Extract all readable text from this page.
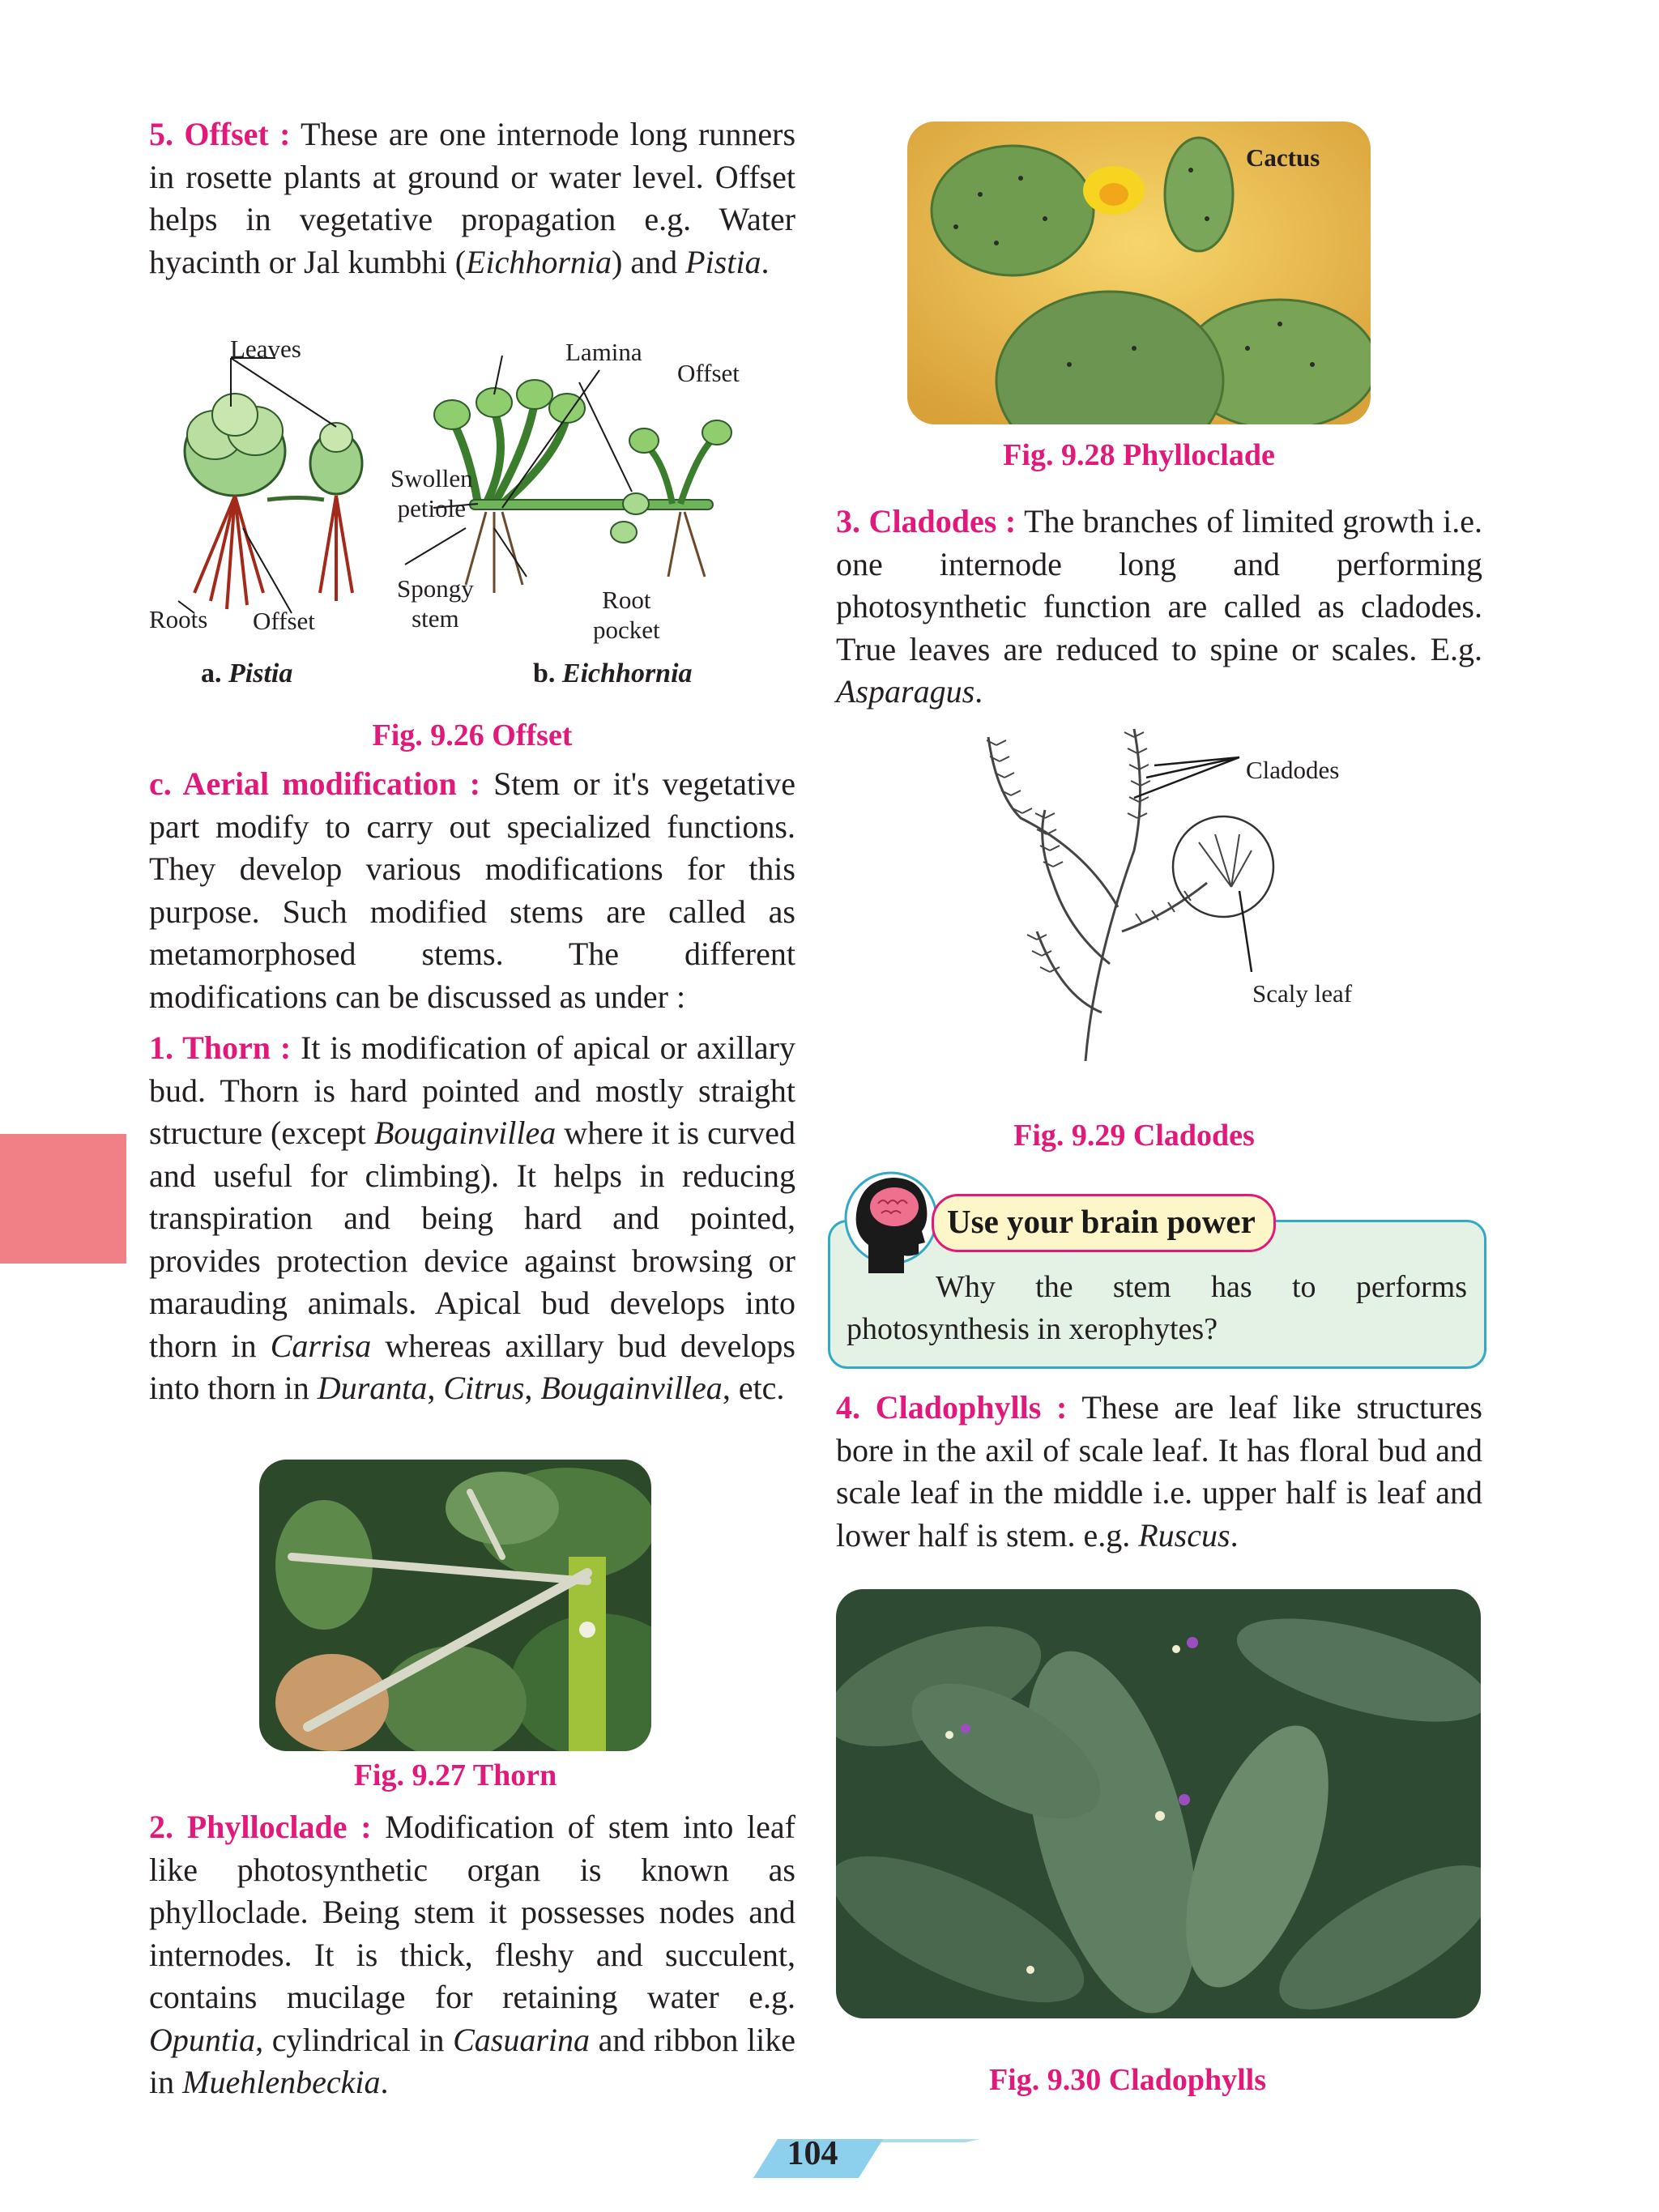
5. Offset : These are one internode long runners in rosette plants at ground or water level. Offset helps in vegetative propagation e.g. Water hyacinth or Jal kumbhi (Eichhornia) and Pistia.

Leaves	Lamina
Offset
Swollen
petiole
Spongy
stem
Root
pocket
Roots Offset
a. Pistia	b. Eichhornia
Fig. 9.26 Offset

c. Aerial modification : Stem or it's vegetative part modify to carry out specialized functions. They develop various modifications for this purpose. Such modified stems are called as metamorphosed stems. The different modifications can be discussed as under :

1. Thorn : It is modification of apical or axillary bud. Thorn is hard pointed and mostly straight structure (except Bougainvillea where it is curved and useful for climbing). It helps in reducing transpiration and being hard and pointed, provides protection device against browsing or marauding animals. Apical bud develops into thorn in Carrisa whereas axillary bud develops into thorn in Duranta, Citrus, Bougainvillea, etc.

Fig. 9.27 Thorn

2. Phylloclade : Modification of stem into leaf like photosynthetic organ is known as phylloclade. Being stem it possesses nodes and internodes. It is thick, fleshy and succulent, contains mucilage for retaining water e.g. Opuntia, cylindrical in Casuarina and ribbon like in Muehlenbeckia.

Cactus
Fig. 9.28 Phylloclade

3. Cladodes : The branches of limited growth i.e. one internode long and performing photosynthetic function are called as cladodes. True leaves are reduced to spine or scales. E.g. Asparagus.

Cladodes
Scaly leaf
Fig. 9.29 Cladodes

Why the stem has to performs photosynthesis in xerophytes?

Use your brain power

4. Cladophylls : These are leaf like structures bore in the axil of scale leaf. It has floral bud and scale leaf in the middle i.e. upper half is leaf and lower half is stem. e.g. Ruscus.

Fig. 9.30 Cladophylls
104
